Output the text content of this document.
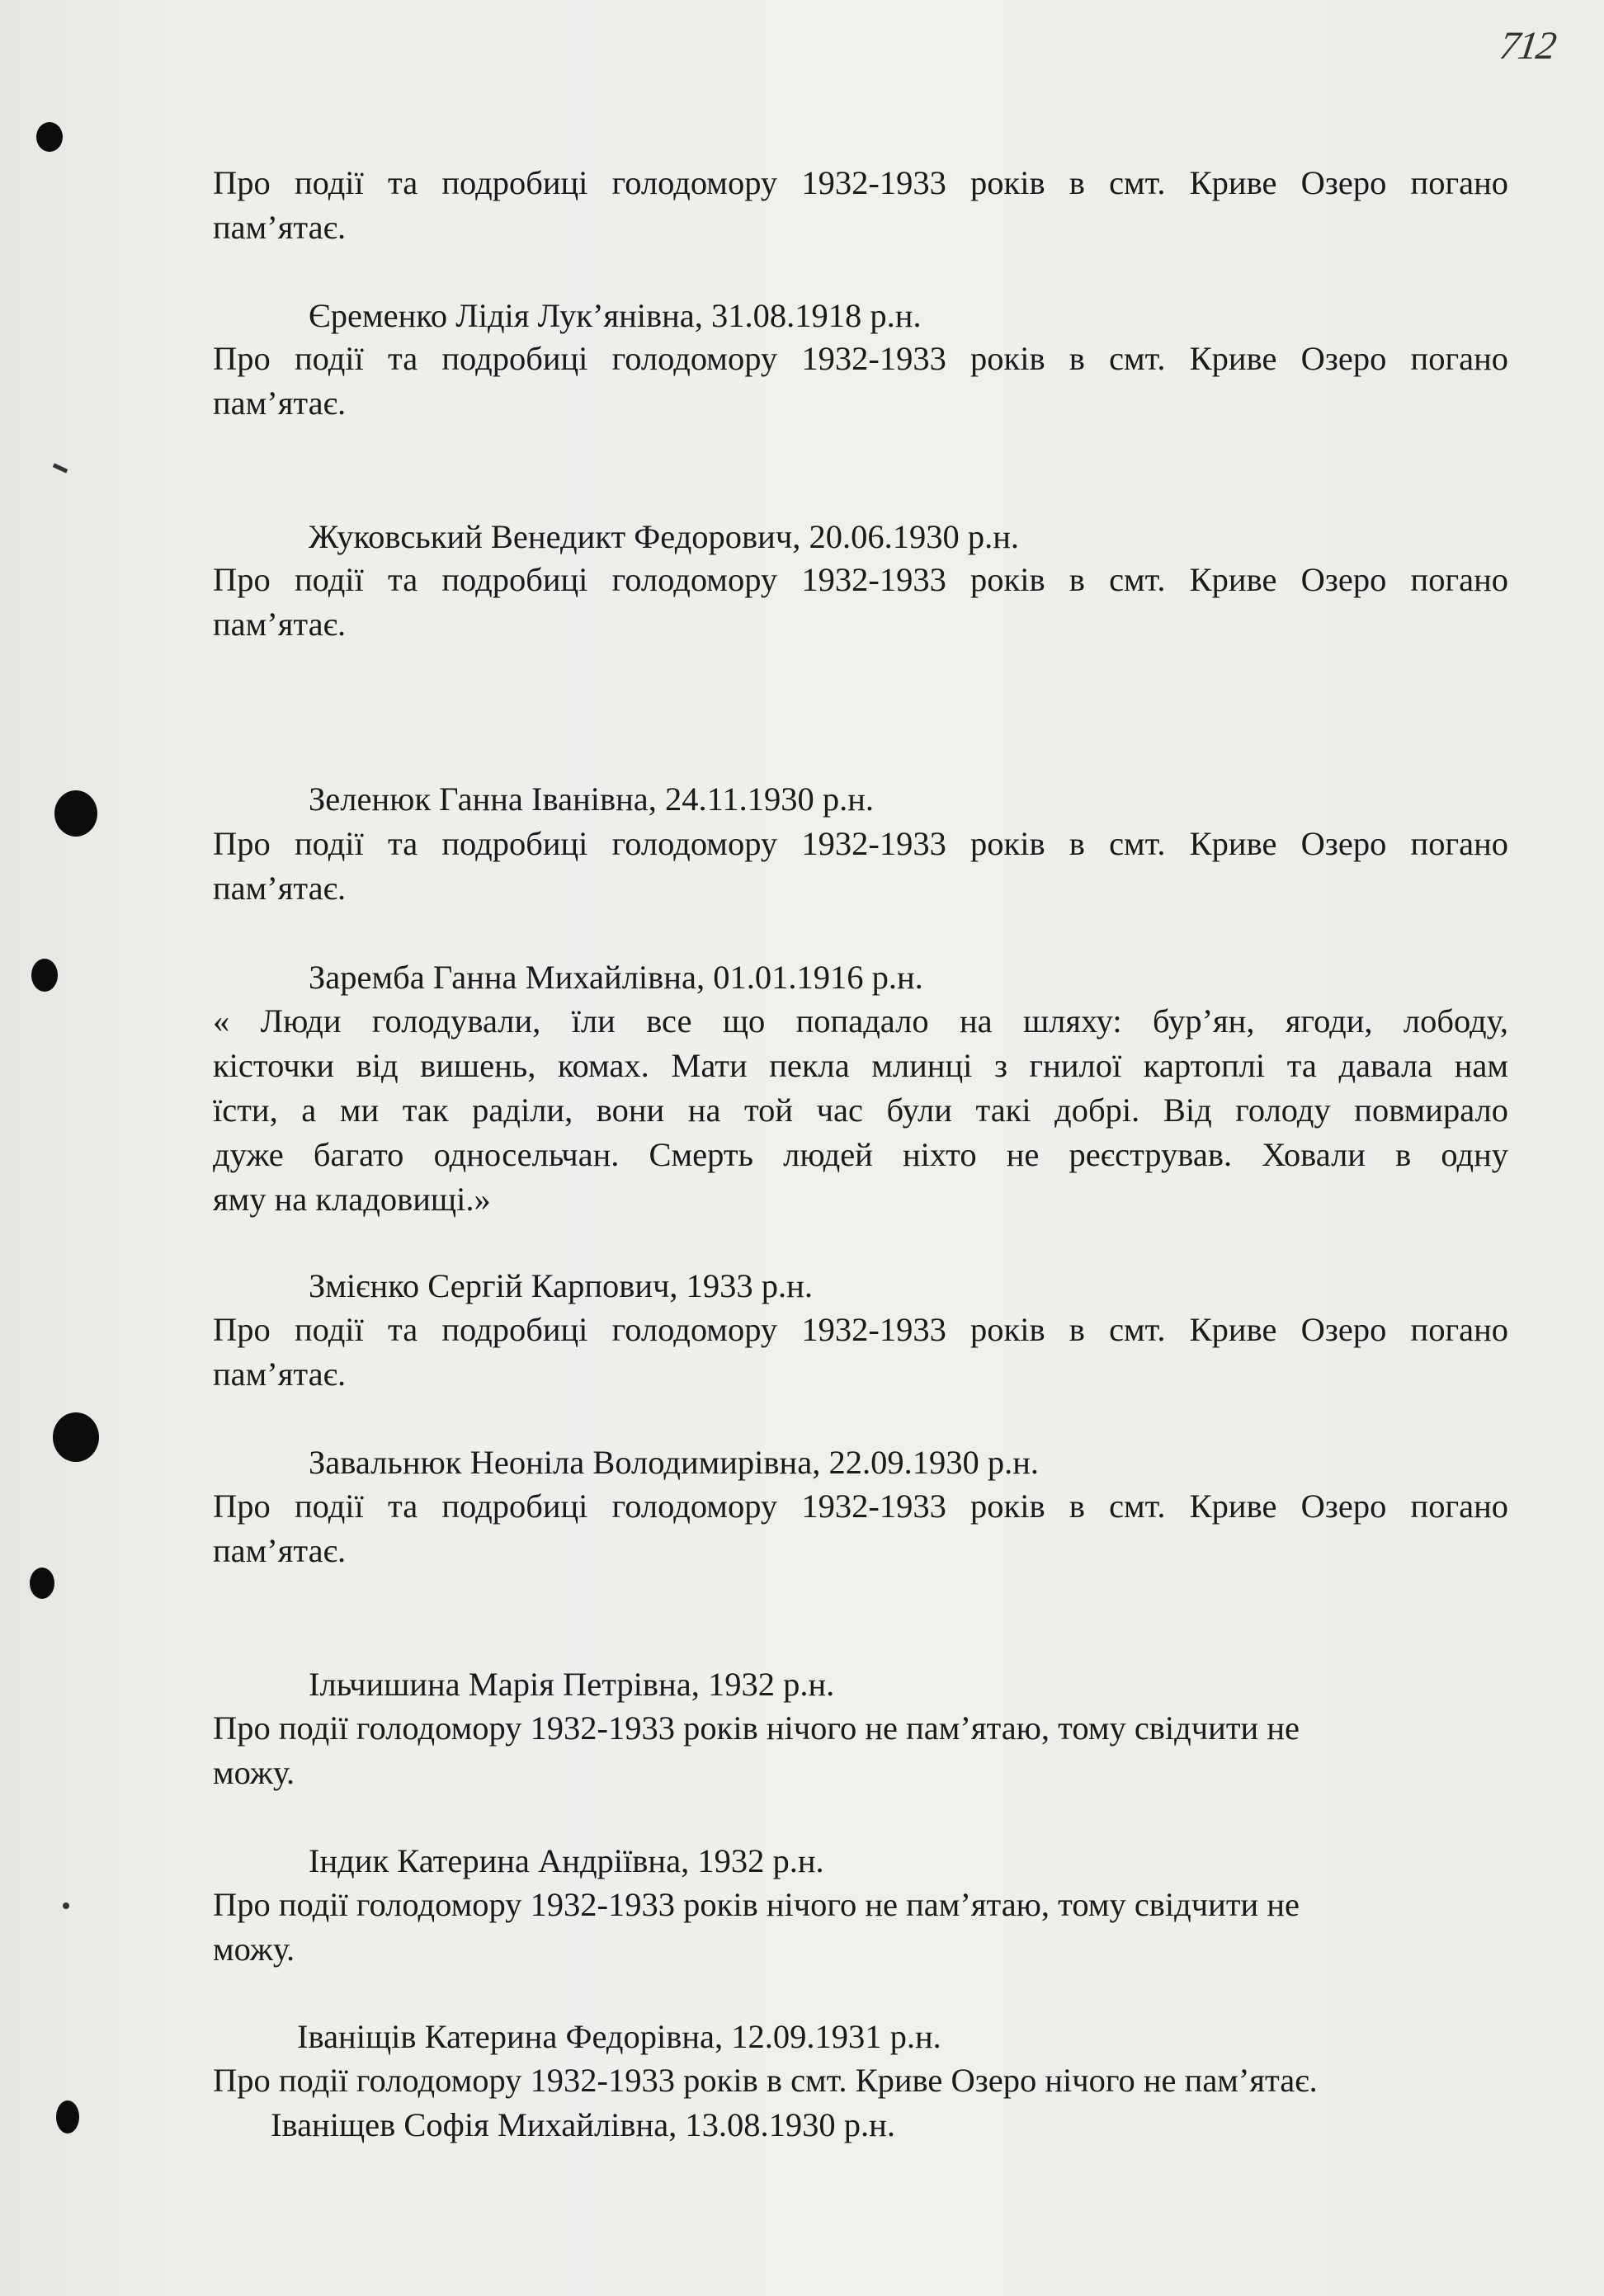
712

Про події та подробиці голодомору 1932-1933 років в смт. Криве Озеро погано

пам’ятає.

Єременко Лідія Лук’янівна, 31.08.1918 р.н.

Про події та подробиці голодомору 1932-1933 років в смт. Криве Озеро погано

пам’ятає.

Жуковський Венедикт Федорович, 20.06.1930 р.н.

Про події та подробиці голодомору 1932-1933 років в смт. Криве Озеро погано

пам’ятає.

Зеленюк Ганна Іванівна, 24.11.1930 р.н.

Про події та подробиці голодомору 1932-1933 років в смт. Криве Озеро погано

пам’ятає.

Заремба Ганна Михайлівна, 01.01.1916 р.н.

« Люди голодували, їли все що попадало на шляху: бур’ян, ягоди, лободу,

кісточки від вишень, комах. Мати пекла млинці з гнилої картоплі та давала нам

їсти, а ми так раділи, вони на той час були такі добрі. Від голоду повмирало

дуже багато односельчан. Смерть людей ніхто не реєстрував. Ховали в одну

яму на кладовищі.»

Змієнко Сергій Карпович, 1933 р.н.

Про події та подробиці голодомору 1932-1933 років в смт. Криве Озеро погано

пам’ятає.

Завальнюк Неоніла Володимирівна, 22.09.1930 р.н.

Про події та подробиці голодомору 1932-1933 років в смт. Криве Озеро погано

пам’ятає.

Ільчишина Марія Петрівна, 1932 р.н.

Про події голодомору 1932-1933 років нічого не пам’ятаю, тому свідчити не

можу.

Індик Катерина Андріївна, 1932 р.н.

Про події голодомору 1932-1933 років нічого не пам’ятаю, тому свідчити не

можу.

Іваніщів Катерина Федорівна, 12.09.1931 р.н.

Про події голодомору 1932-1933 років в смт. Криве Озеро нічого не пам’ятає.

Іваніщев Софія Михайлівна, 13.08.1930 р.н.
